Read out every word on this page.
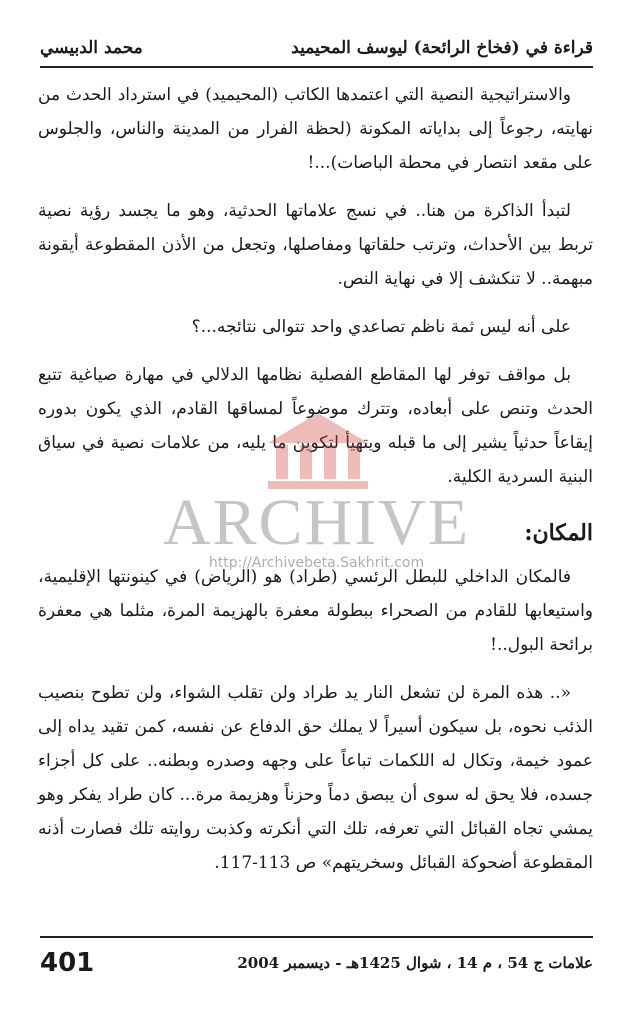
قراءة في (فخاخ الرائحة) ليوسف المحيميد
محمد الدبيسي

والاستراتيجية النصية التي اعتمدها الكاتب (المحيميد) في استرداد الحدث من نهايته، رجوعاً إلى بداياته المكونة (لحظة الفرار من المدينة والناس، والجلوس على مقعد انتصار في محطة الباصات)...!

لتبدأ الذاكرة من هنا.. في نسج علاماتها الحدثية، وهو ما يجسد رؤية نصية تربط بين الأحداث، وترتب حلقاتها ومفاصلها، وتجعل من الأذن المقطوعة أيقونة مبهمة.. لا تنكشف إلا في نهاية النص.

على أنه ليس ثمة ناظم تصاعدي واحد تتوالى نتائجه...؟

بل مواقف توفر لها المقاطع الفصلية نظامها الدلالي في مهارة صياغية تتبع الحدث وتنص على أبعاده، وتترك موضوعاً لمساقها القادم، الذي يكون بدوره إيقاعاً حدثياً يشير إلى ما قبله ويتهيأ لتكوين ما يليه، من علامات نصية في سياق البنية السردية الكلية.

المكان:

فالمكان الداخلي للبطل الرئسي (طراد) هو (الرياض) في كينونتها الإقليمية، واستيعابها للقادم من الصحراء ببطولة معفرة بالهزيمة المرة، مثلما هي معفرة برائحة البول..!

«.. هذه المرة لن تشعل النار يد طراد ولن تقلب الشواء، ولن تطوح بنصيب الذئب نحوه، بل سيكون أسيراً لا يملك حق الدفاع عن نفسه، كمن تقيد يداه إلى عمود خيمة، وتكال له اللكمات تباعاً على وجهه وصدره وبطنه.. على كل أجزاء جسده، فلا يحق له سوى أن يبصق دماً وحزناً وهزيمة مرة... كان طراد يفكر وهو يمشي تجاه القبائل التي تعرفه، تلك التي أنكرته وكذبت روايته تلك فصارت أذنه المقطوعة أضحوكة القبائل وسخريتهم» ص 113-117.

ARCHIVE
http://Archivebeta.Sakhrit.com
401	علامات ج 54 ، م 14 ، شوال 1425هـ - ديسمبر 2004
